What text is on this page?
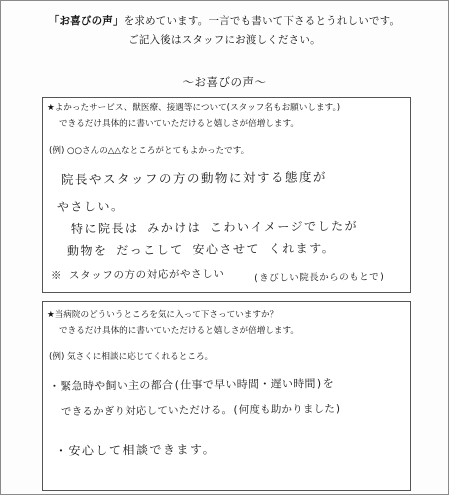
「お喜びの声」を求めています。一言でも書いて下さるとうれしいです。
ご記入後はスタッフにお渡しください。
～お喜びの声～
★よかったサービス、獣医療、接遇等について(スタッフ名もお願いします。)
できるだけ具体的に書いていただけると嬉しさが倍増します。
(例) ○○さんの△△なところがとてもよかったです。
院長やスタッフの方の動物に対する態度が
やさしい。
特に院長は みかけは こわいイメージでしたが
動物を だっこして 安心させて くれます。
※ スタッフの方の対応がやさしい	(きびしい院長からのもとで)
★当病院のどういうところを気に入って下さっていますか？
できるだけ具体的に書いていただけると嬉しさが倍増します。
(例) 気さくに相談に応じてくれるところ。
・緊急時や飼い主の都合(仕事で早い時間・遅い時間)を
できるかぎり対応していただける。(何度も助かりました)
・安心して相談できます。
